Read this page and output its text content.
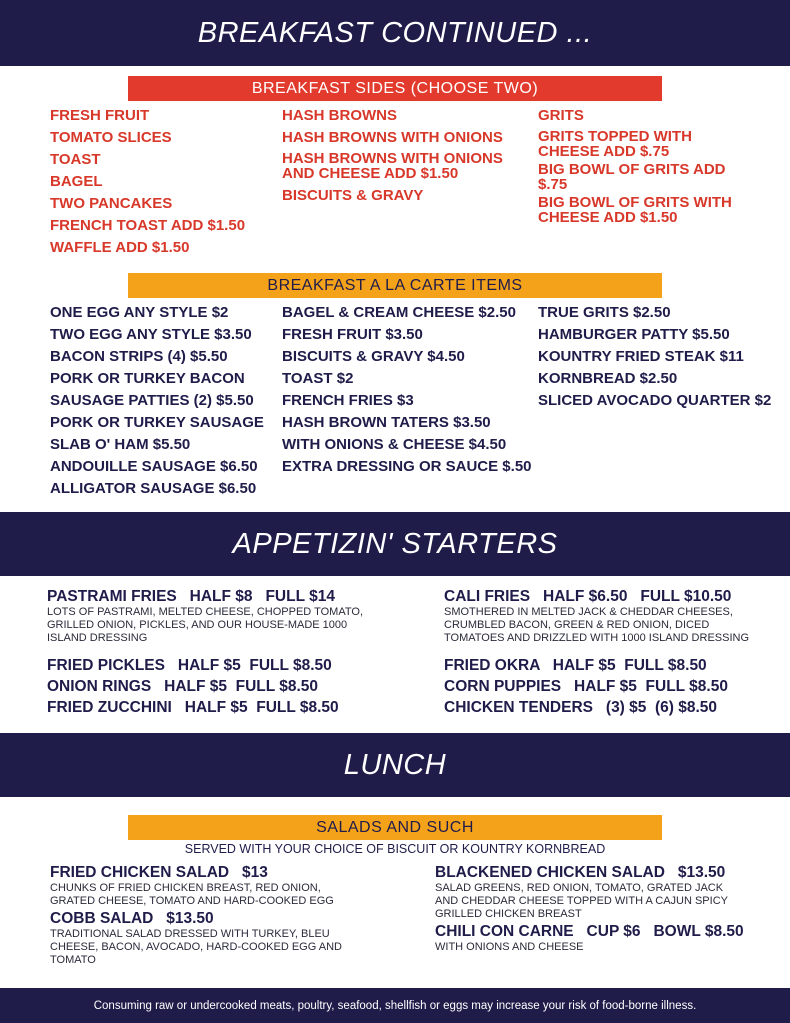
BREAKFAST CONTINUED ...
BREAKFAST SIDES (CHOOSE TWO)
FRESH FRUIT
TOMATO SLICES
TOAST
BAGEL
TWO PANCAKES
FRENCH TOAST ADD $1.50
WAFFLE ADD $1.50
HASH BROWNS
HASH BROWNS WITH ONIONS
HASH BROWNS WITH ONIONS AND CHEESE ADD $1.50
BISCUITS & GRAVY
GRITS
GRITS TOPPED WITH CHEESE ADD $.75
BIG BOWL OF GRITS ADD $.75
BIG BOWL OF GRITS WITH CHEESE ADD $1.50
BREAKFAST A LA CARTE ITEMS
ONE EGG ANY STYLE $2
TWO EGG ANY STYLE $3.50
BACON STRIPS (4) $5.50
PORK OR TURKEY BACON
SAUSAGE PATTIES (2) $5.50
PORK OR TURKEY SAUSAGE
SLAB O' HAM $5.50
ANDOUILLE SAUSAGE $6.50
ALLIGATOR SAUSAGE $6.50
BAGEL & CREAM CHEESE $2.50
FRESH FRUIT $3.50
BISCUITS & GRAVY $4.50
TOAST $2
FRENCH FRIES $3
HASH BROWN TATERS $3.50
WITH ONIONS & CHEESE $4.50
EXTRA DRESSING OR SAUCE $.50
TRUE GRITS $2.50
HAMBURGER PATTY $5.50
KOUNTRY FRIED STEAK $11
KORNBREAD $2.50
SLICED AVOCADO QUARTER $2
APPETIZIN' STARTERS
PASTRAMI FRIES   HALF $8   FULL $14
LOTS OF PASTRAMI, MELTED CHEESE, CHOPPED TOMATO, GRILLED ONION, PICKLES, AND OUR HOUSE-MADE 1000 ISLAND DRESSING
FRIED PICKLES   HALF $5  FULL $8.50
ONION RINGS   HALF $5  FULL $8.50
FRIED ZUCCHINI   HALF $5  FULL $8.50
CALI FRIES   HALF $6.50   FULL $10.50
SMOTHERED IN MELTED JACK & CHEDDAR CHEESES, CRUMBLED BACON, GREEN & RED ONION, DICED TOMATOES AND DRIZZLED WITH 1000 ISLAND DRESSING
FRIED OKRA   HALF $5  FULL $8.50
CORN PUPPIES   HALF $5  FULL $8.50
CHICKEN TENDERS   (3) $5  (6) $8.50
LUNCH
SALADS AND SUCH
SERVED WITH YOUR CHOICE OF BISCUIT OR KOUNTRY KORNBREAD
FRIED CHICKEN SALAD   $13
CHUNKS OF FRIED CHICKEN BREAST, RED ONION, GRATED CHEESE, TOMATO AND HARD-COOKED EGG
COBB SALAD   $13.50
TRADITIONAL SALAD DRESSED WITH TURKEY, BLEU CHEESE, BACON, AVOCADO, HARD-COOKED EGG AND TOMATO
BLACKENED CHICKEN SALAD   $13.50
SALAD GREENS, RED ONION, TOMATO, GRATED JACK AND CHEDDAR CHEESE TOPPED WITH A CAJUN SPICY GRILLED CHICKEN BREAST
CHILI CON CARNE   CUP $6   BOWL $8.50
WITH ONIONS AND CHEESE
Consuming raw or undercooked meats, poultry, seafood, shellfish or eggs may increase your risk of food-borne illness.
